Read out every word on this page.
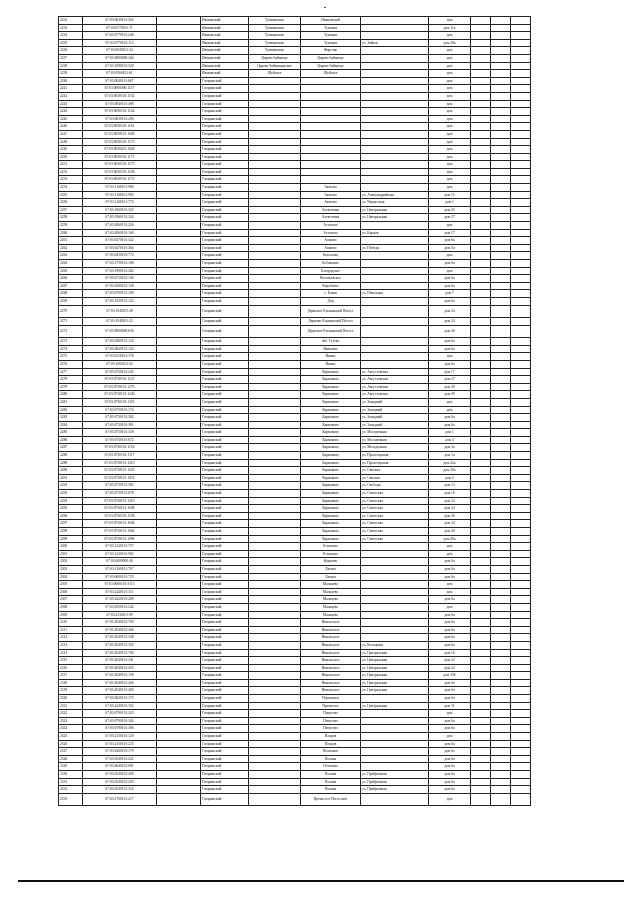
2232	67:03:0630101:262		Ивановский	Туменишкье	Ивановский		дом			
2233	67:03:0770101:71		Ивановский	Туменишкье	Туманов		дом 11а			
2234	67:03:0770101:248		Ивановский	Туменишкье	Туманов		дом			
2235	67:03:0770101:112		Ивановский	Туменишкье	Туманов	ул. Зайков	дом 20а			
2236	67:03:0630101:34		Ивановский	Туменишкье	Фирсово		дом			
2237	67:03:0000000:344		Ивановский	Царево-Займище	Царево-Займище		дом			
2238	67:03:1080101:320		Ивановский	Царево-Займищенское	Царево-Займище		дом			
2239	67:03:0560101:61		Ивановский	Шуйское	Шуйское		дом			
2240	67:03:0040101:667		Гагаринский				дом			
2241	67:03:0000000:1157		Гагаринский				дом			
2242	67:03:0030101:1152		Гагаринский				дом			
2243	67:03:0040101:488		Гагаринский				дом			
2244	67:03:0050101:1144		Гагаринский				дом			
2245	67:03:0030101:294		Гагаринский				дом			
2246	67:03:0030101:1161		Гагаринский				дом			
2247	67:03:0030101:1040		Гагаринский				дом			
2248	67:03:0030101:1173		Гагаринский				дом			
2249	67:03:0030201:1028		Гагаринский				дом			
2250	67:03:0030101:1171		Гагаринский				дом			
2251	67:03:0030101:1175		Гагаринский				дом			
2252	67:03:0030101:1168		Гагаринский				дом			
2253	67:03:0030101:1173		Гагаринский				дом			
2254	67:03:1160101:906		Гагаринский		Акатово		дом			
2255	67:03:1160101:992		Гагаринский		Акатово	ул. Александрийская	дом 15			
2256	67:03:1160101:774		Гагаринский		Акатово	ул. Черкасская	дом 1			
2257	67:03:1960101:325		Гагаринский		Алексеевка	ул. Центральная	дом 25			
2258	67:03:1960101:324		Гагаринский		Алексеевка	ул. Центральная	дом 27			
2259	67:03:2060101:226		Гагаринский		Астахово		дом			
2260	67:03:2060101:160		Гагаринский		Астахово	ул. Карцов	дом 17			
2261	67:03:0270101:322		Гагаринский		Ашково		дом 6а			
2262	67:03:0270101:364		Гагаринский		Ашково	ул. Победы	дом 5а			
2263	67:03:0410101:772		Гагаринский		Белошово		дом			
2264	67:03:1750101:188		Гагаринский		Бобовыево		дом 6а			
2265	67:03:1900101:282		Гагаринский		Богородское		дом			
2266	67:03:0710101:140		Гагаринский		Васильевское		дом 6а			
2267	67:03:1600101:128		Гагаринский		Воробьево		дом 6а			
2268	67:03:0700101:180		Гагаринский		с. Ельня	ул. Школьная	дом 7			
2269	67:03:1920101:122		Гагаринский		Дор		дом 6а			
2270	67:03:1940101:28		Гагаринский		Дерновое-Ельнинский Погост		дом 24			
2271	67:03:1940101:23		Гагаринский		Дерново-Ельнинский Погост		дом 24			
2272	67:03:0000000:636		Гагаринский		Дерновое-Ельнинский Погост		дом 26			
2273	67:03:0400101:126		Гагаринский		Заб. Тутово		дом 6а			
2274	67:03:0620101:143		Гагаринский		Ивашино		дом 6а			
2275	67:03:0110101:178		Гагаринский		Ивино		дом			
2276	67:03:1060101:92		Гагаринский		Ивино		дом 6а			
2277	67:03:0730101:245		Гагаринский		Кармаково	ул. Августовская	дом 17			
2278	67:03:0730101:1125		Гагаринский		Кармаково	ул. Августовская	дом 27			
2279	67:03:0730101:1279		Гагаринский		Кармаково	ул. Августовская	дом 49			
2280	67:03:0730101:1246		Гагаринский		Кармаково	ул. Августовская	дом 49			
2281	67:03:0730101:1119		Гагаринский		Кармаково	ул. Западный	дом			
2282	67:03:0730101:174		Гагаринский		Кармаково	ул. Западный	дом			
2283	67:03:0730101:382		Гагаринский		Кармаково	ул. Западный	дом 6а			
2284	67:03:0730101:381		Гагаринский		Кармаково	ул. Западный	дом 6а			
2285	67:03:0730101:318		Гагаринский		Кармаково	ул. Молодежная	дом 1			
2286	67:03:0730101:672		Гагаринский		Кармаково	ул. Молодежная	дом 3			
2287	67:03:0730101:1156		Гагаринский		Кармаково	ул. Молодежная	дом 3а			
2288	67:03:0730101:1117		Гагаринский		Кармаково	ул. Пролетарская	дом 1а			
2289	67:03:0730101:1210		Гагаринский		Кармаково	ул. Пролетарская	дом 22а			
2290	67:03:0730101:1223		Гагаринский		Кармаково	ул. Свиская	дом 10а			
2291	67:03:0730101:1074		Гагаринский		Кармаково	ул. Свиская	дом 5			
2292	67:03:0730101:383		Гагаринский		Кармаково	ул. Свободы	дом 13			
2293	67:03:0730101:678		Гагаринский		Кармаково	ул. Советская	дом 18			
2294	67:03:0730101:1219		Гагаринский		Кармаково	ул. Советская	дом 32			
2295	67:03:0730101:1049		Гагаринский		Кармаково	ул. Советская	дом 24			
2296	67:03:0730101:1158		Гагаринский		Кармаково	ул. Советская	дом 26			
2297	67:03:0730101:1046		Гагаринский		Кармаково	ул. Советская	дом 34			
2298	67:03:0730101:1062		Гагаринский		Кармаково	ул. Советская	дом 40			
2299	67:03:0730101:1098		Гагаринский		Кармаково	ул. Советская	дом 40а			
2300	67:03:1220101:757		Гагаринский		Клушино		дом			
2301	67:03:1220101:902		Гагаринский		Клушино		дом			
2302	67:03:0000000:40		Гагаринский		Куршево		дом 6а			
2303	67:03:1160101:767		Гагаринский		Латыш		дом 6а			
2304	67:03:0000101:725		Гагаринский		Латыш		дом 6а			
2305	67:03:0000101:5113		Гагаринский		Мальцево		дом			
2306	67:03:2420101:311		Гагаринский		Мальцево		дом			
2307	67:03:2420101:289		Гагаринский		Мальцево		дом 6а			
2308	67:03:0550101:242		Гагаринский		Мальцево		дом			
2309	67:03:2130101:99		Гагаринский		Мальцево		дом 6а			
2310	67:03:2040101:700		Гагаринский		Никольское		дом 6а			
2311	67:03:2040101:206		Гагаринский		Никольское		дом 6а			
2312	67:03:2040101:348		Гагаринский		Никольское		дом 6а			
2313	67:03:2040101:335		Гагаринский		Никольское	ул. Кольцевая	дом 6а			
2314	67:03:2040101:784		Гагаринский		Никольское	ул. Центральная	дом 16			
2315	67:03:2040101:341		Гагаринский		Никольское	ул. Центральная	дом 22			
2316	67:03:2040101:455		Гагаринский		Никольское	ул. Центральная	дом 22			
2317	67:03:2040101:158		Гагаринский		Никольское	ул. Центральная	дом 35Б			
2318	67:03:2040101:266		Гагаринский		Никольское	ул. Центральная	дом 6а			
2319	67:03:2040101:400		Гагаринский		Никольское	ул. Центральная	дом 6а			
2320	67:03:0620101:175		Гагаринский		Первомаец		дом 6а			
2321	67:03:2240101:152		Гагаринский		Пречистое	ул. Центральная	дом 31			
2322	67:03:0790101:323		Гагаринский		Пичугово		дом			
2323	67:03:0790101:342		Гагаринский		Пичугово		дом 6а			
2324	67:03:0790101:306		Гагаринский		Пичугово		дом 6а			
2325	67:03:2150101:120		Гагаринский		Покров		дом			
2326	67:03:2150101:225		Гагаринский		Покров		дом 6а			
2327	67:03:0280101:179		Гагаринский		Поличное		дом 6а			
2328	67:03:0540101:221		Гагаринский		Поляна		дом 6а			
2329	67:03:0640101:081		Гагаринский		Потапово		дом 6а			
2330	67:03:0540101:208		Гагаринский		Поляна	ул. Прибрежная	дом 6а			
2331	67:03:0540101:203		Гагаринский		Поляна	ул. Прибрежная	дом 6а			
2332	67:03:0540101:316		Гагаринский		Поляна	ул. Прибрежная	дом 6а			
2333	67:03:1760101:217		Гагаринский		Пречистое-Погостное		дом			
